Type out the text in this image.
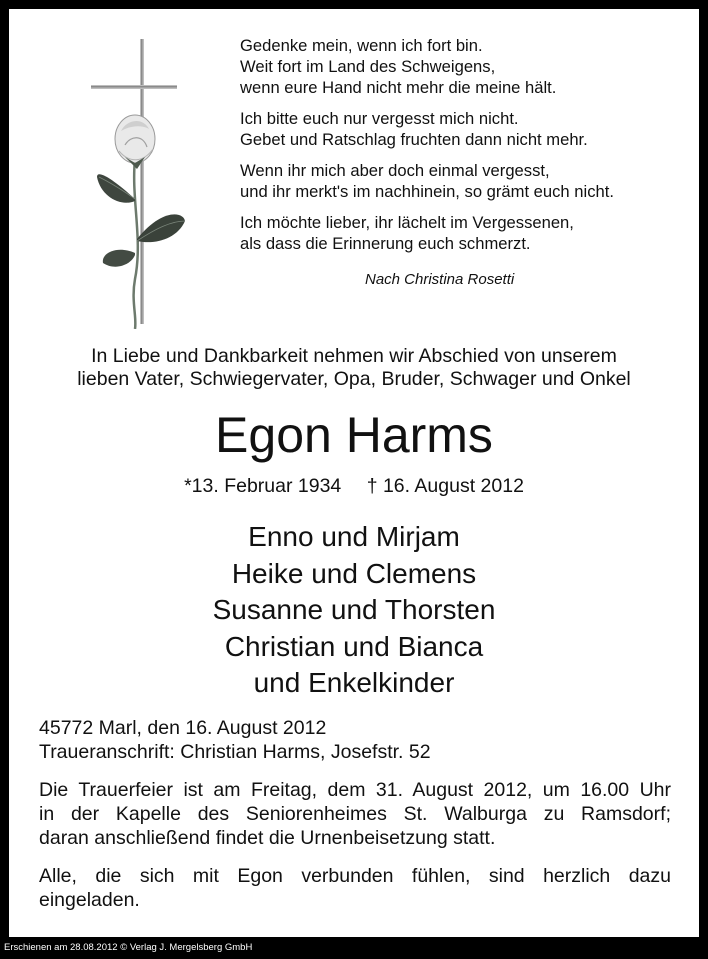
Gedenke mein, wenn ich fort bin.
Weit fort im Land des Schweigens,
wenn eure Hand nicht mehr die meine hält.
Ich bitte euch nur vergesst mich nicht.
Gebet und Ratschlag fruchten dann nicht mehr.
Wenn ihr mich aber doch einmal vergesst,
und ihr merkt's im nachhinein, so grämt euch nicht.
Ich möchte lieber, ihr lächelt im Vergessenen,
als dass die Erinnerung euch schmerzt.
Nach Christina Rosetti
In Liebe und Dankbarkeit nehmen wir Abschied von unserem
lieben Vater, Schwiegervater, Opa, Bruder, Schwager und Onkel
Egon Harms
*13. Februar 1934 † 16. August 2012
Enno und Mirjam
Heike und Clemens
Susanne und Thorsten
Christian und Bianca
und Enkelkinder
45772 Marl, den 16. August 2012
Traueranschrift: Christian Harms, Josefstr. 52
Die Trauerfeier ist am Freitag, dem 31. August 2012, um 16.00 Uhr
in der Kapelle des Seniorenheimes St. Walburga zu Ramsdorf;
daran anschließend findet die Urnenbeisetzung statt.
Alle, die sich mit Egon verbunden fühlen, sind herzlich dazu
eingeladen.
Erschienen am 28.08.2012 © Verlag J. Mergelsberg GmbH
